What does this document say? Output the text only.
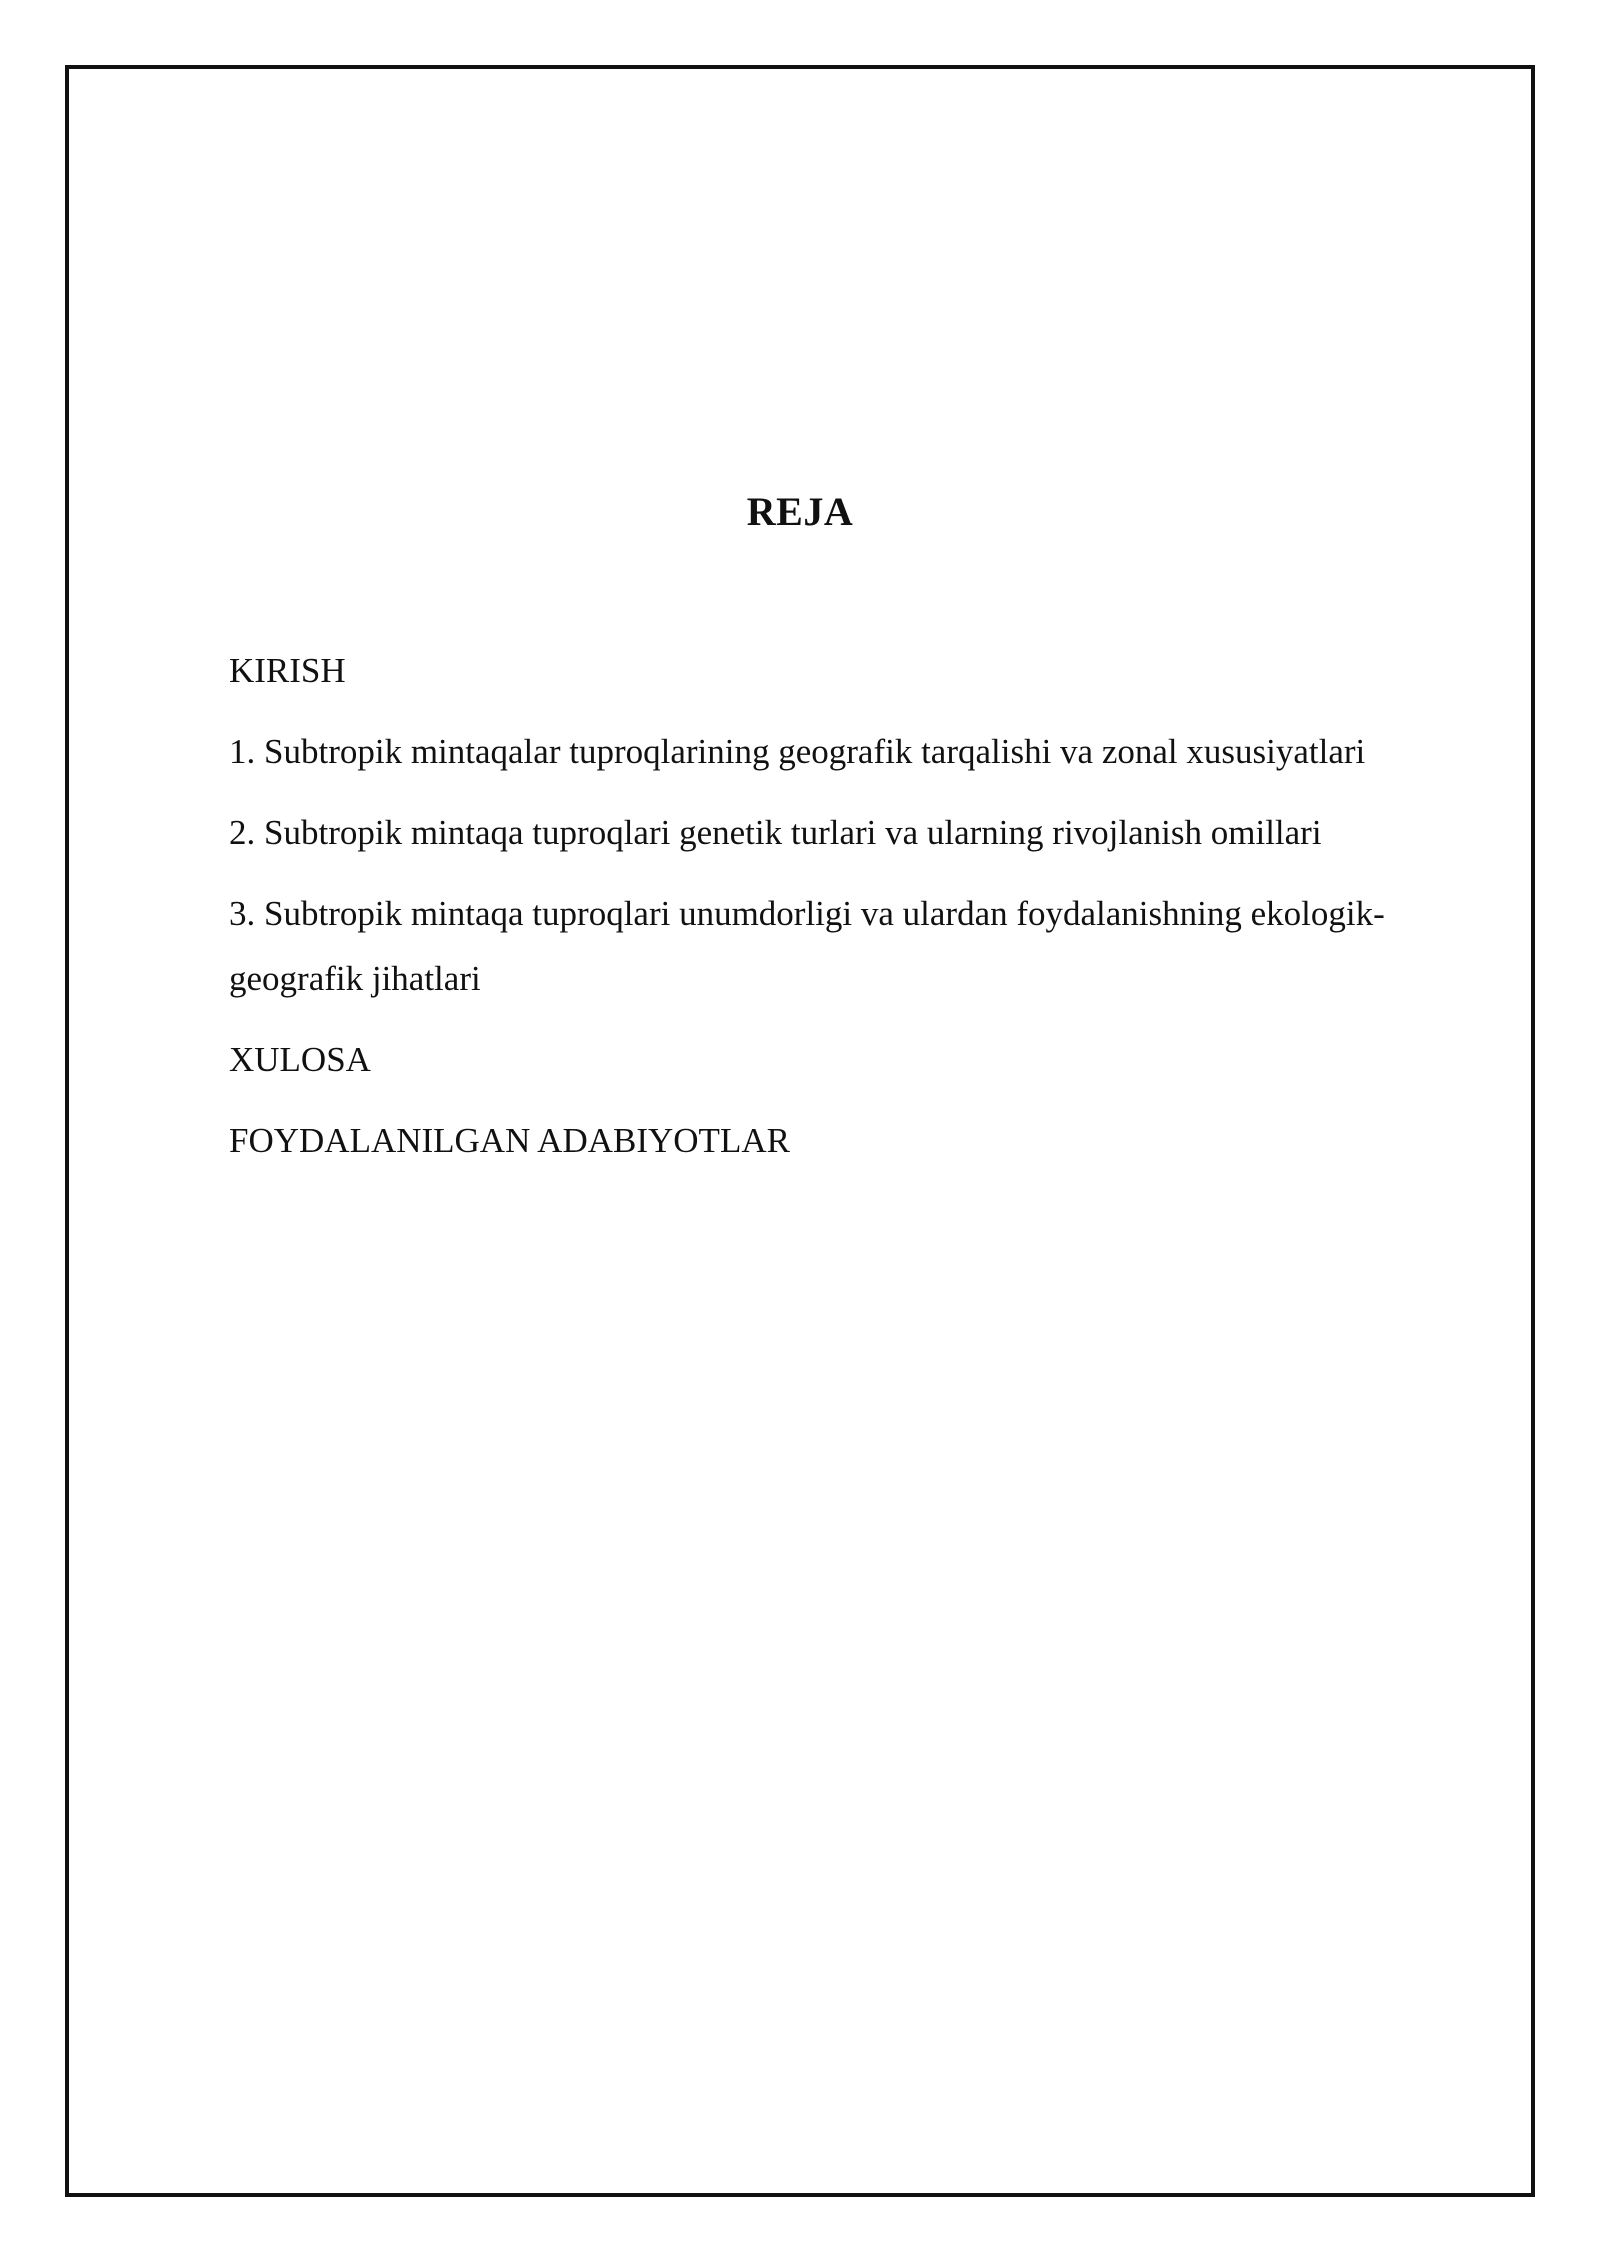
REJA
KIRISH
1. Subtropik mintaqalar tuproqlarining geografik tarqalishi va zonal xususiyatlari
2. Subtropik mintaqa tuproqlari genetik turlari va ularning rivojlanish omillari
3. Subtropik mintaqa tuproqlari unumdorligi va ulardan foydalanishning ekologik-geografik jihatlari
XULOSA
FOYDALANILGAN ADABIYOTLAR
